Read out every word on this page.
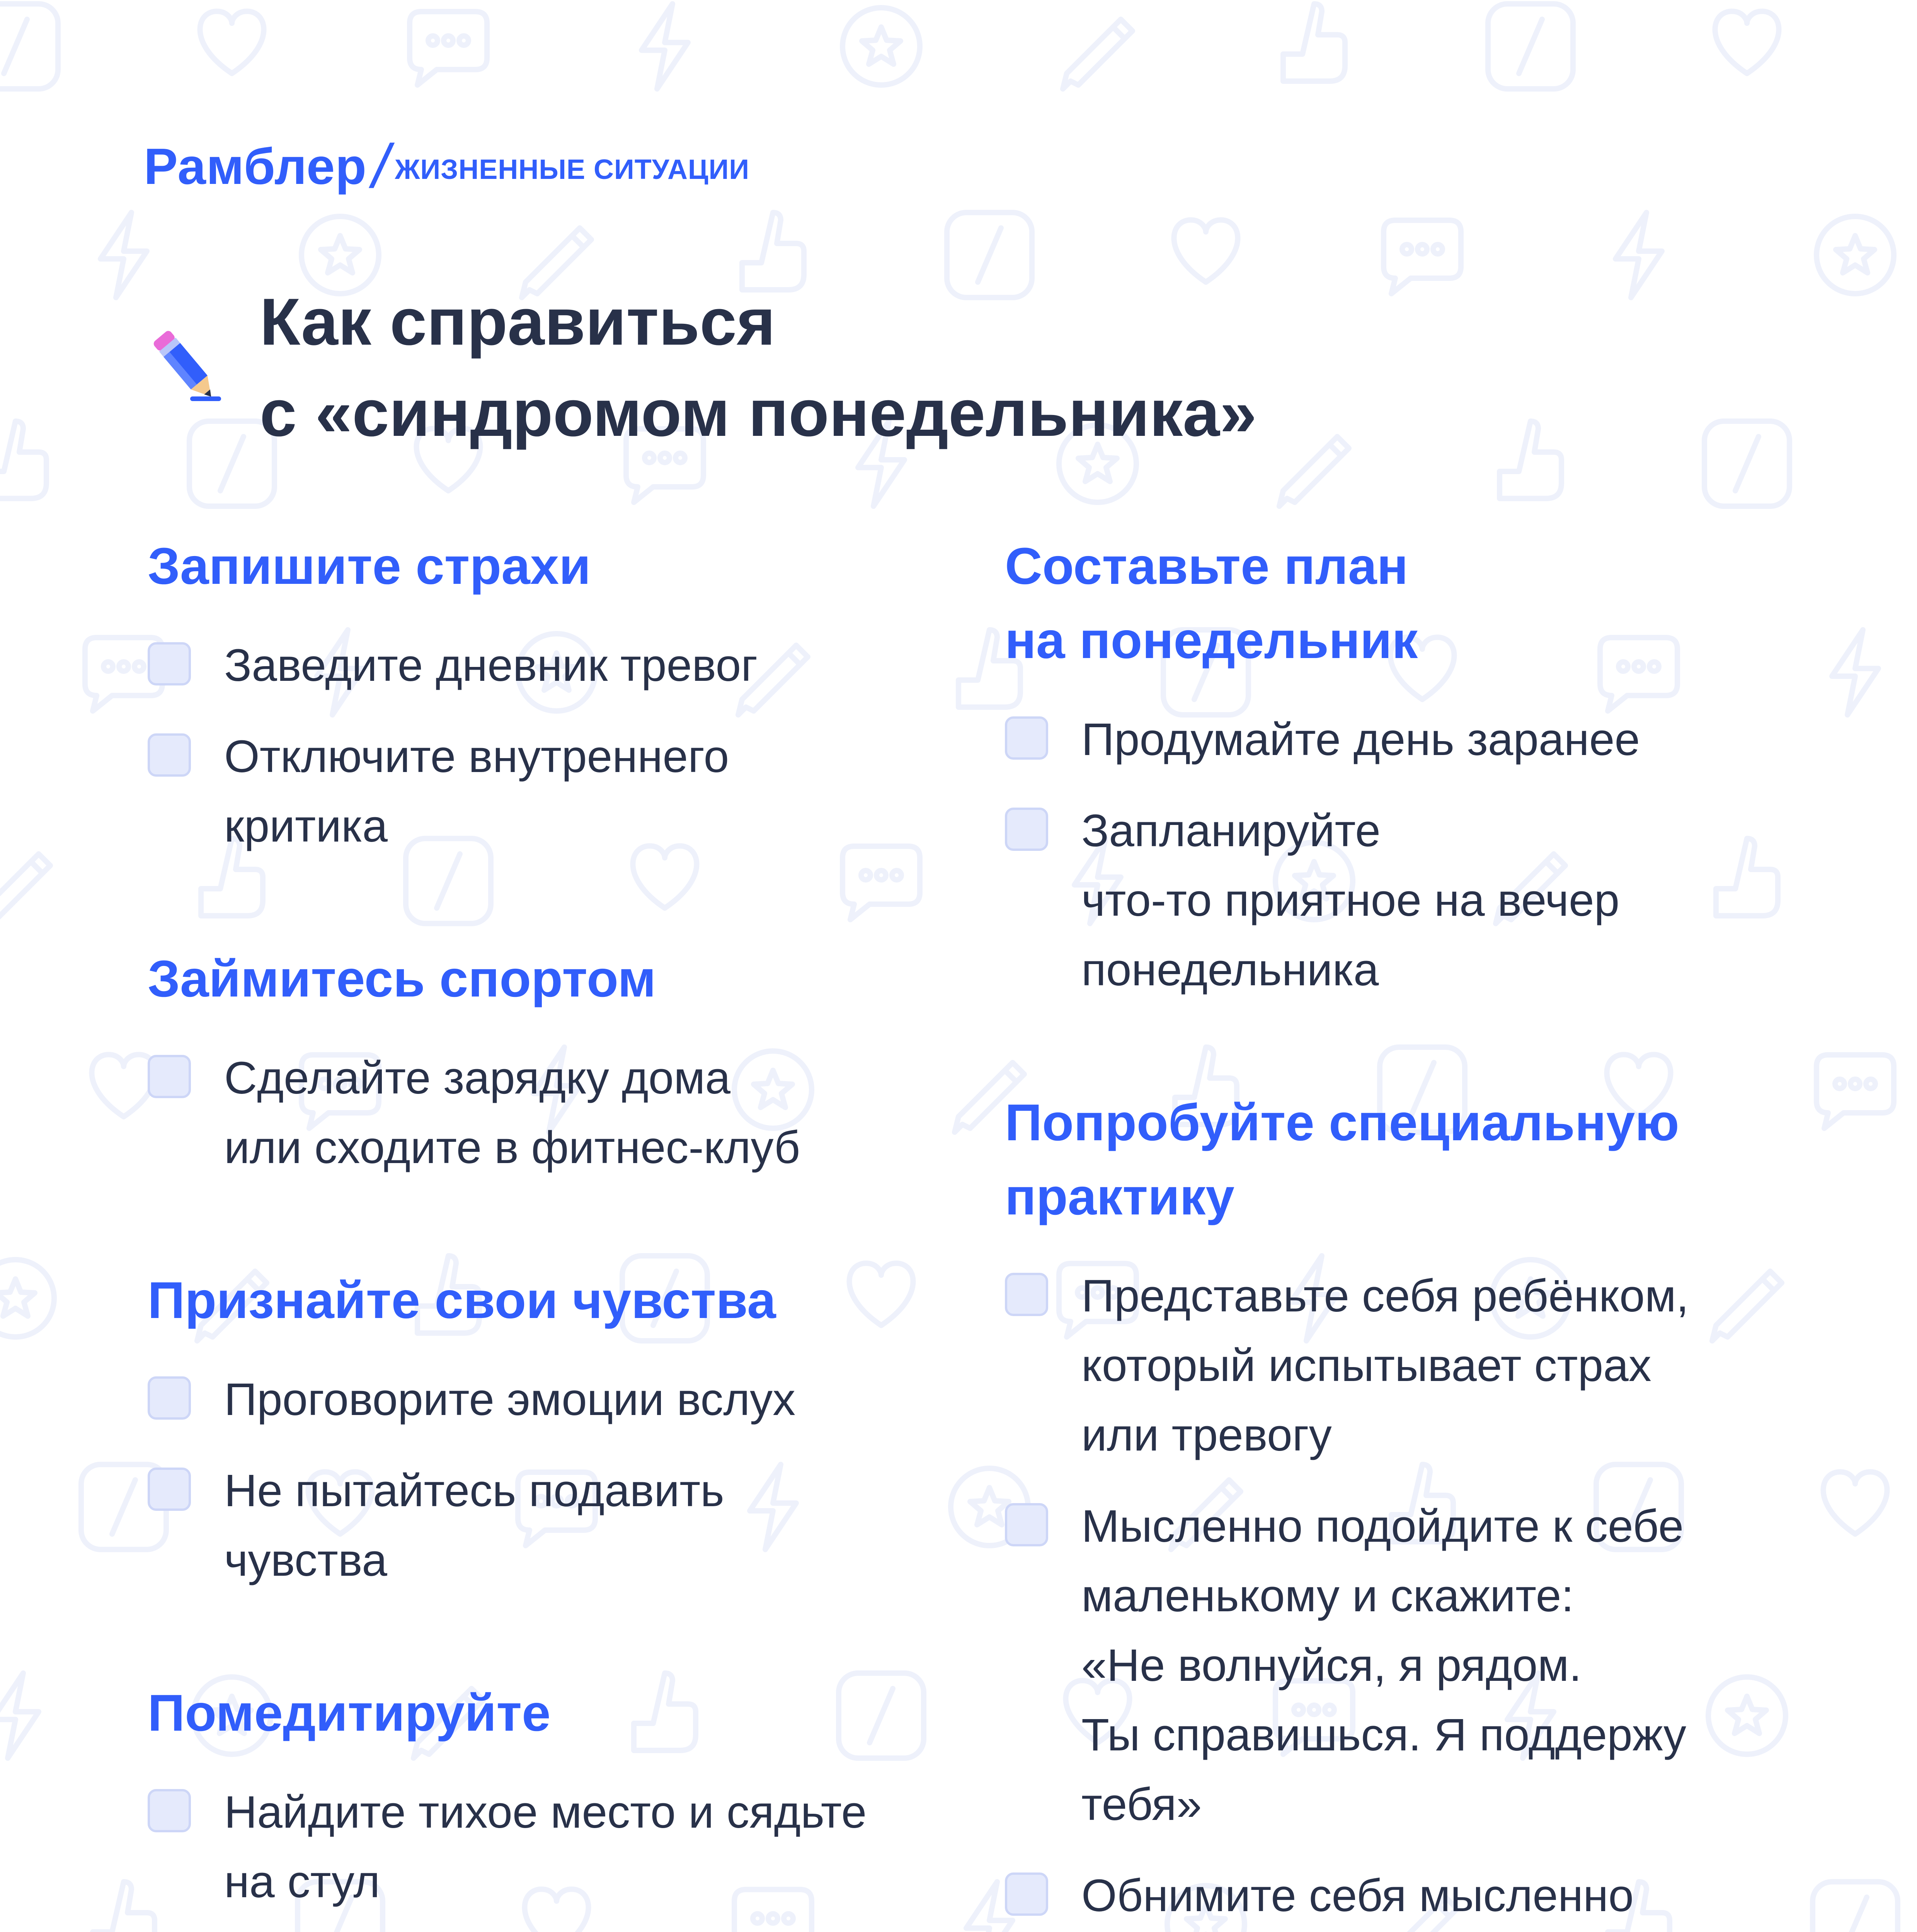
Рамблер / ЖИЗНЕННЫЕ СИТУАЦИИ
Как справиться
с «синдромом понедельника»
Запишите страхи
Заведите дневник тревог
Отключите внутреннего
критика
Займитесь спортом
Сделайте зарядку дома
или сходите в фитнес-клуб
Признайте свои чувства
Проговорите эмоции вслух
Не пытайтесь подавить
чувства
Помедитируйте
Найдите тихое место и сядьте
на стул
Составьте план
на понедельник
Продумайте день заранее
Запланируйте
что-то приятное на вечер
понедельника
Попробуйте специальную
практику
Представьте себя ребёнком,
который испытывает страх
или тревогу
Мысленно подойдите к себе
маленькому и скажите:
«Не волнуйся, я рядом.
Ты справишься. Я поддержу
тебя»
Обнимите себя мысленно
